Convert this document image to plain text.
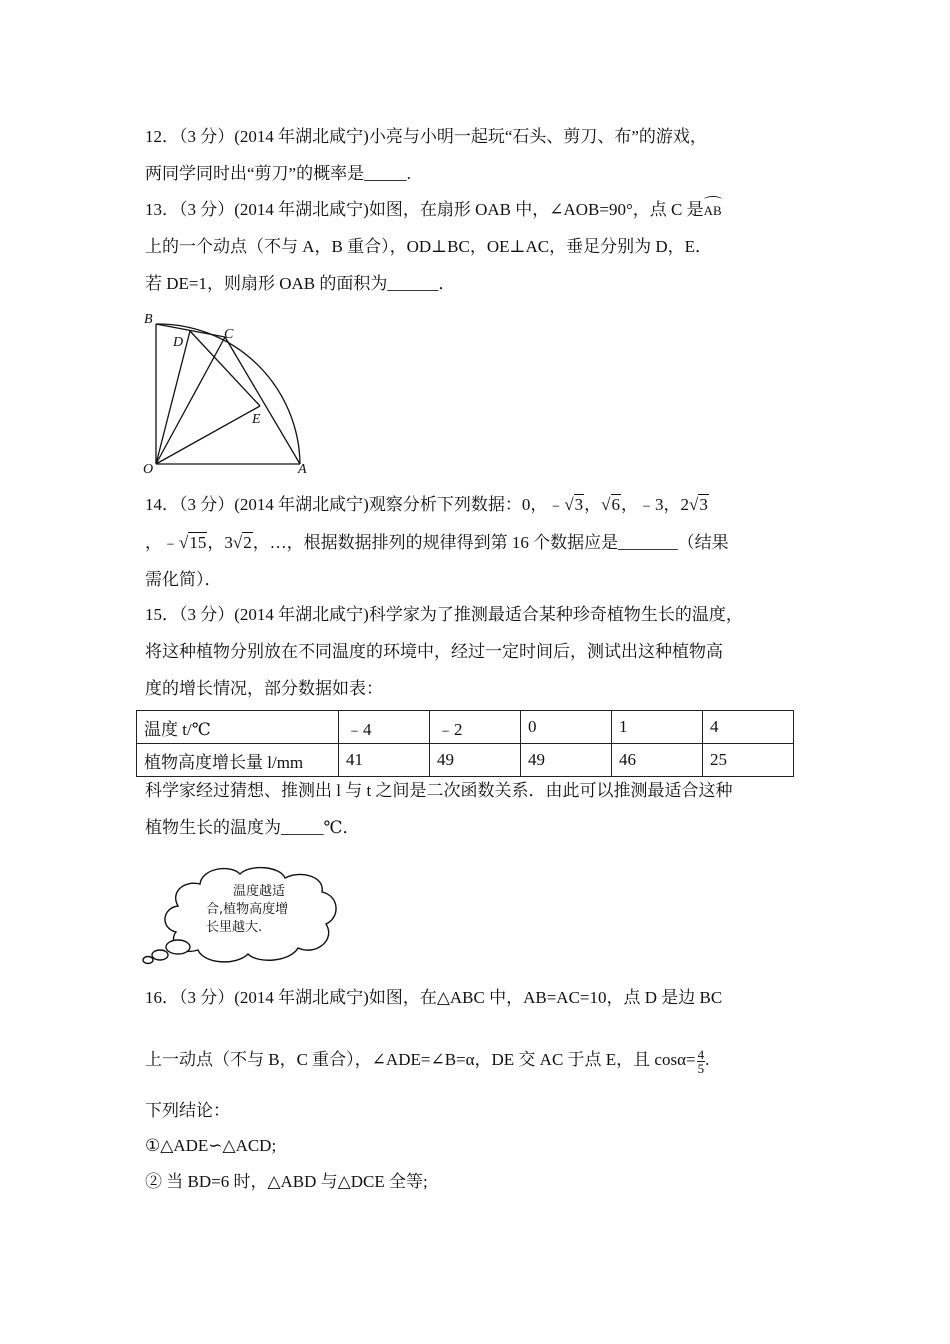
12．（3 分）(2014 年湖北咸宁)小亮与小明一起玩“石头、剪刀、布”的游戏，
两同学同时出“剪刀”的概率是_____.
13．（3 分）(2014 年湖北咸宁)如图，在扇形 OAB 中，∠AOB=90°，点 C 是AB
上的一个动点（不与 A，B 重合），OD⊥BC，OE⊥AC，垂足分别为 D，E．
若 DE=1，则扇形 OAB 的面积为______．
B
C
D
E
O	A
14．（3 分）(2014 年湖北咸宁)观察分析下列数据：0，﹣√3，√6，﹣3，2√3
，﹣√15，3√2，…，根据数据排列的规律得到第 16 个数据应是_______（结果
需化简）．
15．（3 分）(2014 年湖北咸宁)科学家为了推测最适合某种珍奇植物生长的温度，
将这种植物分别放在不同温度的环境中，经过一定时间后，测试出这种植物高
度的增长情况，部分数据如表：
温度 t/℃	﹣4	﹣2	0	1	4
植物高度增长量 l/mm	41	49	49	46	25
科学家经过猜想、推测出 l 与 t 之间是二次函数关系．由此可以推测最适合这种
植物生长的温度为_____℃．
温度越适
合,植物高度增
长里越大.
16．（3 分）(2014 年湖北咸宁)如图，在△ABC 中，AB=AC=10，点 D 是边 BC
上一动点（不与 B，C 重合），∠ADE=∠B=α，DE 交 AC 于点 E，且 $\cos\alpha= \frac{4}{5}$ .
下列结论：
①△ADE∽△ACD;
② 当 BD=6 时，△ABD 与△DCE 全等;
